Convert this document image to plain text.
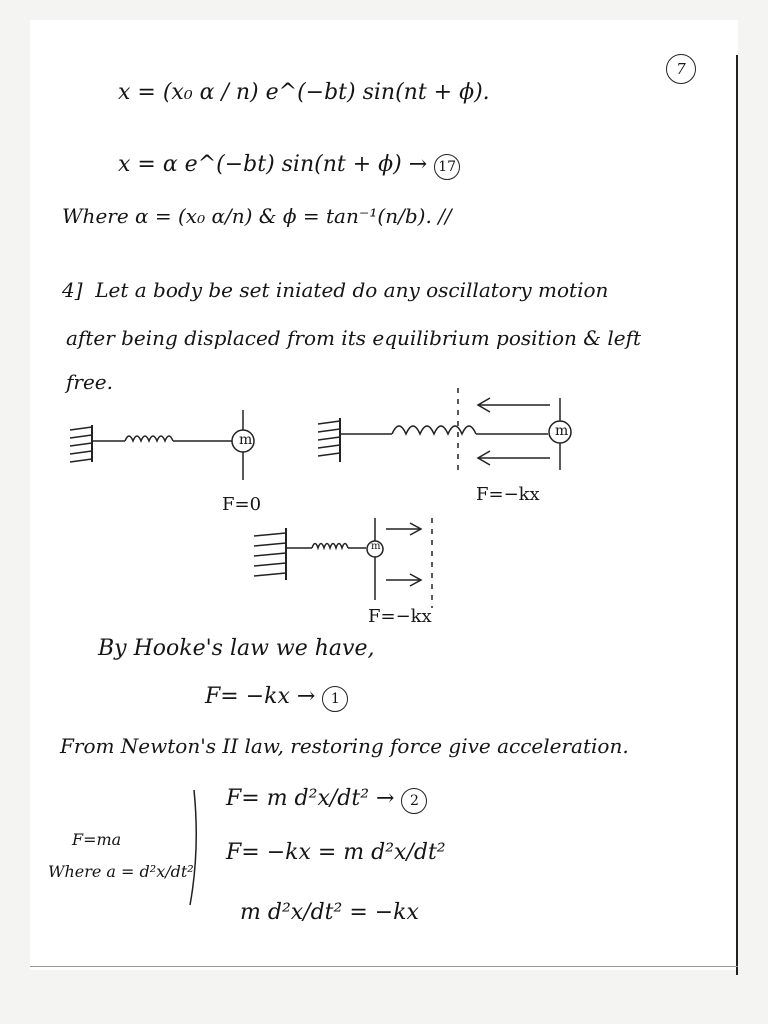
7
x = (x₀ α / n) e^(−bt) sin(nt + ϕ).
x = α e^(−bt) sin(nt + ϕ) → 17
Where α = (x₀ α/n) & ϕ = tan⁻¹(n/b). //
4] Let a body be set iniated do any oscillatory motion
after being displaced from its equilibrium position & left
free.
m
F=0
m
F=−kx
m
F=−kx
By Hooke's law we have,
F= −kx → 1
From Newton's II law, restoring force give acceleration.
F=ma
Where a = d²x/dt²
F= m d²x/dt² → 2
F= −kx = m d²x/dt²
m d²x/dt² = −kx
